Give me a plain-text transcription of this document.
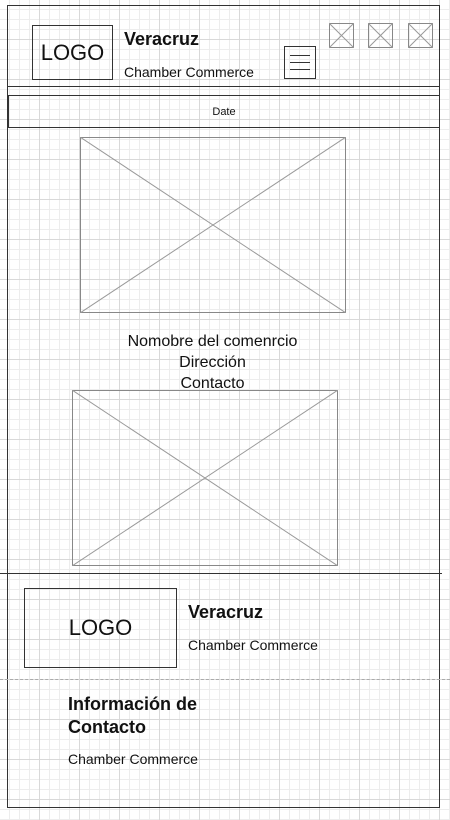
LOGO
Veracruz
Chamber Commerce
Date
Nomobre del comenrcio
Dirección
Contacto
LOGO
Veracruz
Chamber Commerce
Información de
Contacto
Chamber Commerce
